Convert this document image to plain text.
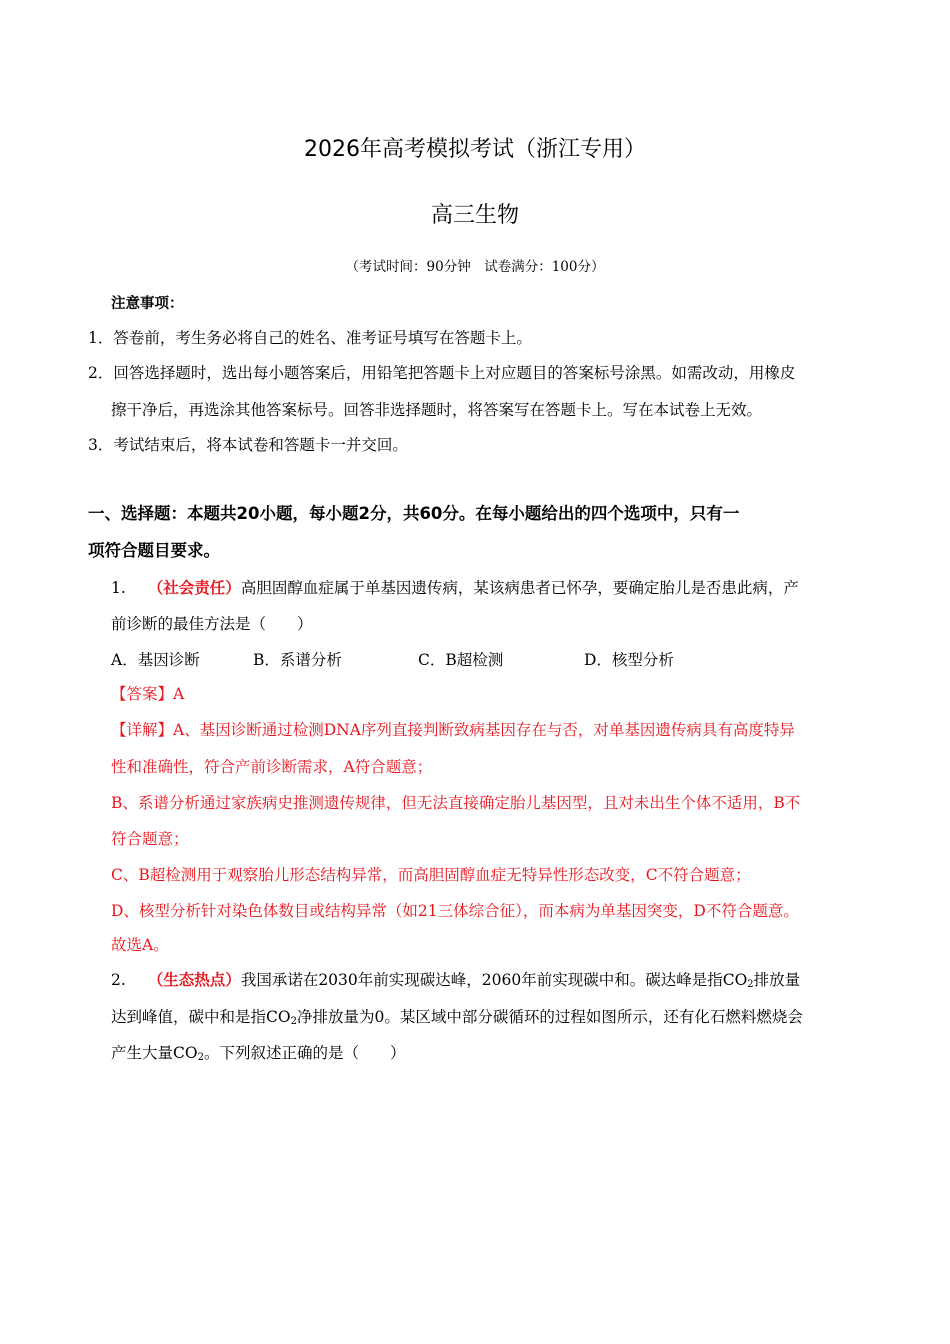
2026年高考模拟考试（浙江专用）
高三生物
（考试时间：90分钟　试卷满分：100分）
注意事项：
1．答卷前，考生务必将自己的姓名、准考证号填写在答题卡上。
2．回答选择题时，选出每小题答案后，用铅笔把答题卡上对应题目的答案标号涂黑。如需改动，用橡皮
擦干净后，再选涂其他答案标号。回答非选择题时，将答案写在答题卡上。写在本试卷上无效。
3．考试结束后，将本试卷和答题卡一并交回。
一、选择题：本题共20小题，每小题2分，共60分。在每小题给出的四个选项中，只有一
项符合题目要求。
1. （社会责任）高胆固醇血症属于单基因遗传病，某该病患者已怀孕，要确定胎儿是否患此病，产
前诊断的最佳方法是（　　）
A．基因诊断	B．系谱分析	C．B超检测	D．核型分析
【答案】A
【详解】A、基因诊断通过检测DNA序列直接判断致病基因存在与否，对单基因遗传病具有高度特异
性和准确性，符合产前诊断需求，A符合题意；
B、系谱分析通过家族病史推测遗传规律，但无法直接确定胎儿基因型，且对未出生个体不适用，B不
符合题意；
C、B超检测用于观察胎儿形态结构异常，而高胆固醇血症无特异性形态改变，C不符合题意；
D、核型分析针对染色体数目或结构异常（如21三体综合征），而本病为单基因突变，D不符合题意。
故选A。
2. （生态热点）我国承诺在2030年前实现碳达峰，2060年前实现碳中和。碳达峰是指$CO_2$排放量
达到峰值，碳中和是指$CO_2$净排放量为0。某区域中部分碳循环的过程如图所示，还有化石燃料燃烧会
产生大量$CO_2$。下列叙述正确的是（　　）
